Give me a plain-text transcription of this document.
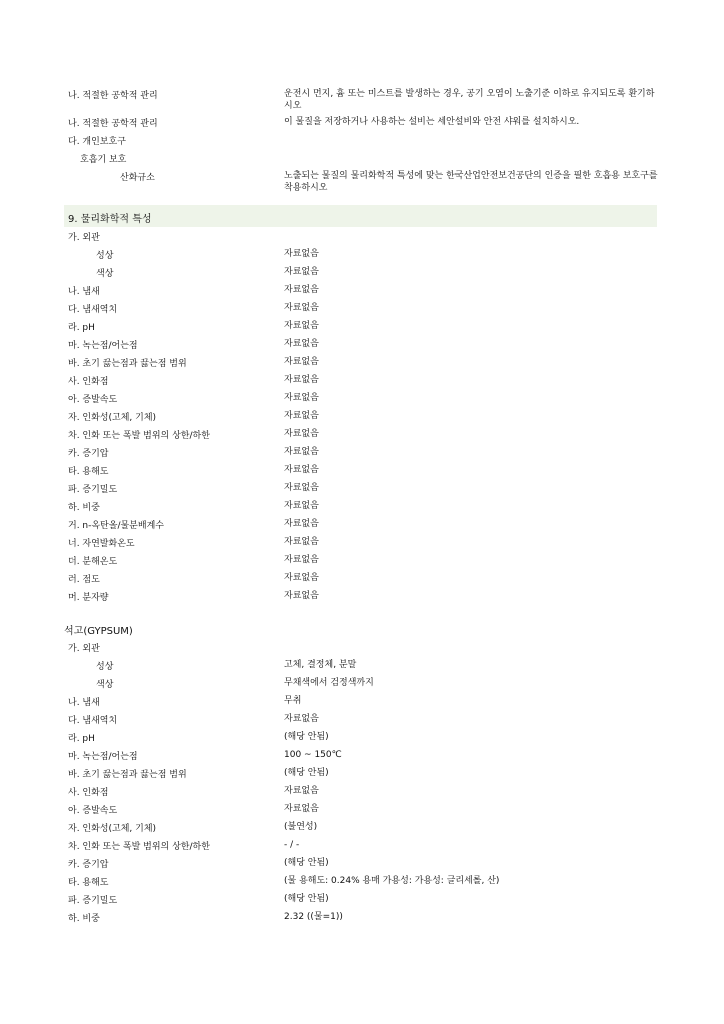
나. 적절한 공학적 관리	운전시 먼지, 흄 또는 미스트를 발생하는 경우, 공기 오염이 노출기준 이하로 유지되도록 환기하시오
나. 적절한 공학적 관리	이 물질을 저장하거나 사용하는 설비는 세안설비와 안전 샤워를 설치하시오.
다. 개인보호구
호흡기 보호
산화규소	노출되는 물질의 물리화학적 특성에 맞는 한국산업안전보건공단의 인증을 필한 호흡용 보호구를 착용하시오
9. 물리화학적 특성
가. 외관
성상	자료없음
색상	자료없음
나. 냄새	자료없음
다. 냄새역치	자료없음
라. pH	자료없음
마. 녹는점/어는점	자료없음
바. 초기 끓는점과 끓는점 범위	자료없음
사. 인화점	자료없음
아. 증발속도	자료없음
자. 인화성(고체, 기체)	자료없음
차. 인화 또는 폭발 범위의 상한/하한	자료없음
카. 증기압	자료없음
타. 용해도	자료없음
파. 증기밀도	자료없음
하. 비중	자료없음
거. n-옥탄올/물분배계수	자료없음
너. 자연발화온도	자료없음
더. 분해온도	자료없음
러. 점도	자료없음
머. 분자량	자료없음
석고(GYPSUM)
가. 외관
성상	고체, 결정체, 분말
색상	무채색에서 검정색까지
나. 냄새	무취
다. 냄새역치	자료없음
라. pH	(해당 안됨)
마. 녹는점/어는점	100 ~ 150℃
바. 초기 끓는점과 끓는점 범위	(해당 안됨)
사. 인화점	자료없음
아. 증발속도	자료없음
자. 인화성(고체, 기체)	(불연성)
차. 인화 또는 폭발 범위의 상한/하한	- / -
카. 증기압	(해당 안됨)
타. 용해도	(물 용해도: 0.24% 용매 가용성: 가용성: 글리세롤, 산)
파. 증기밀도	(해당 안됨)
하. 비중	2.32 ((물=1))
